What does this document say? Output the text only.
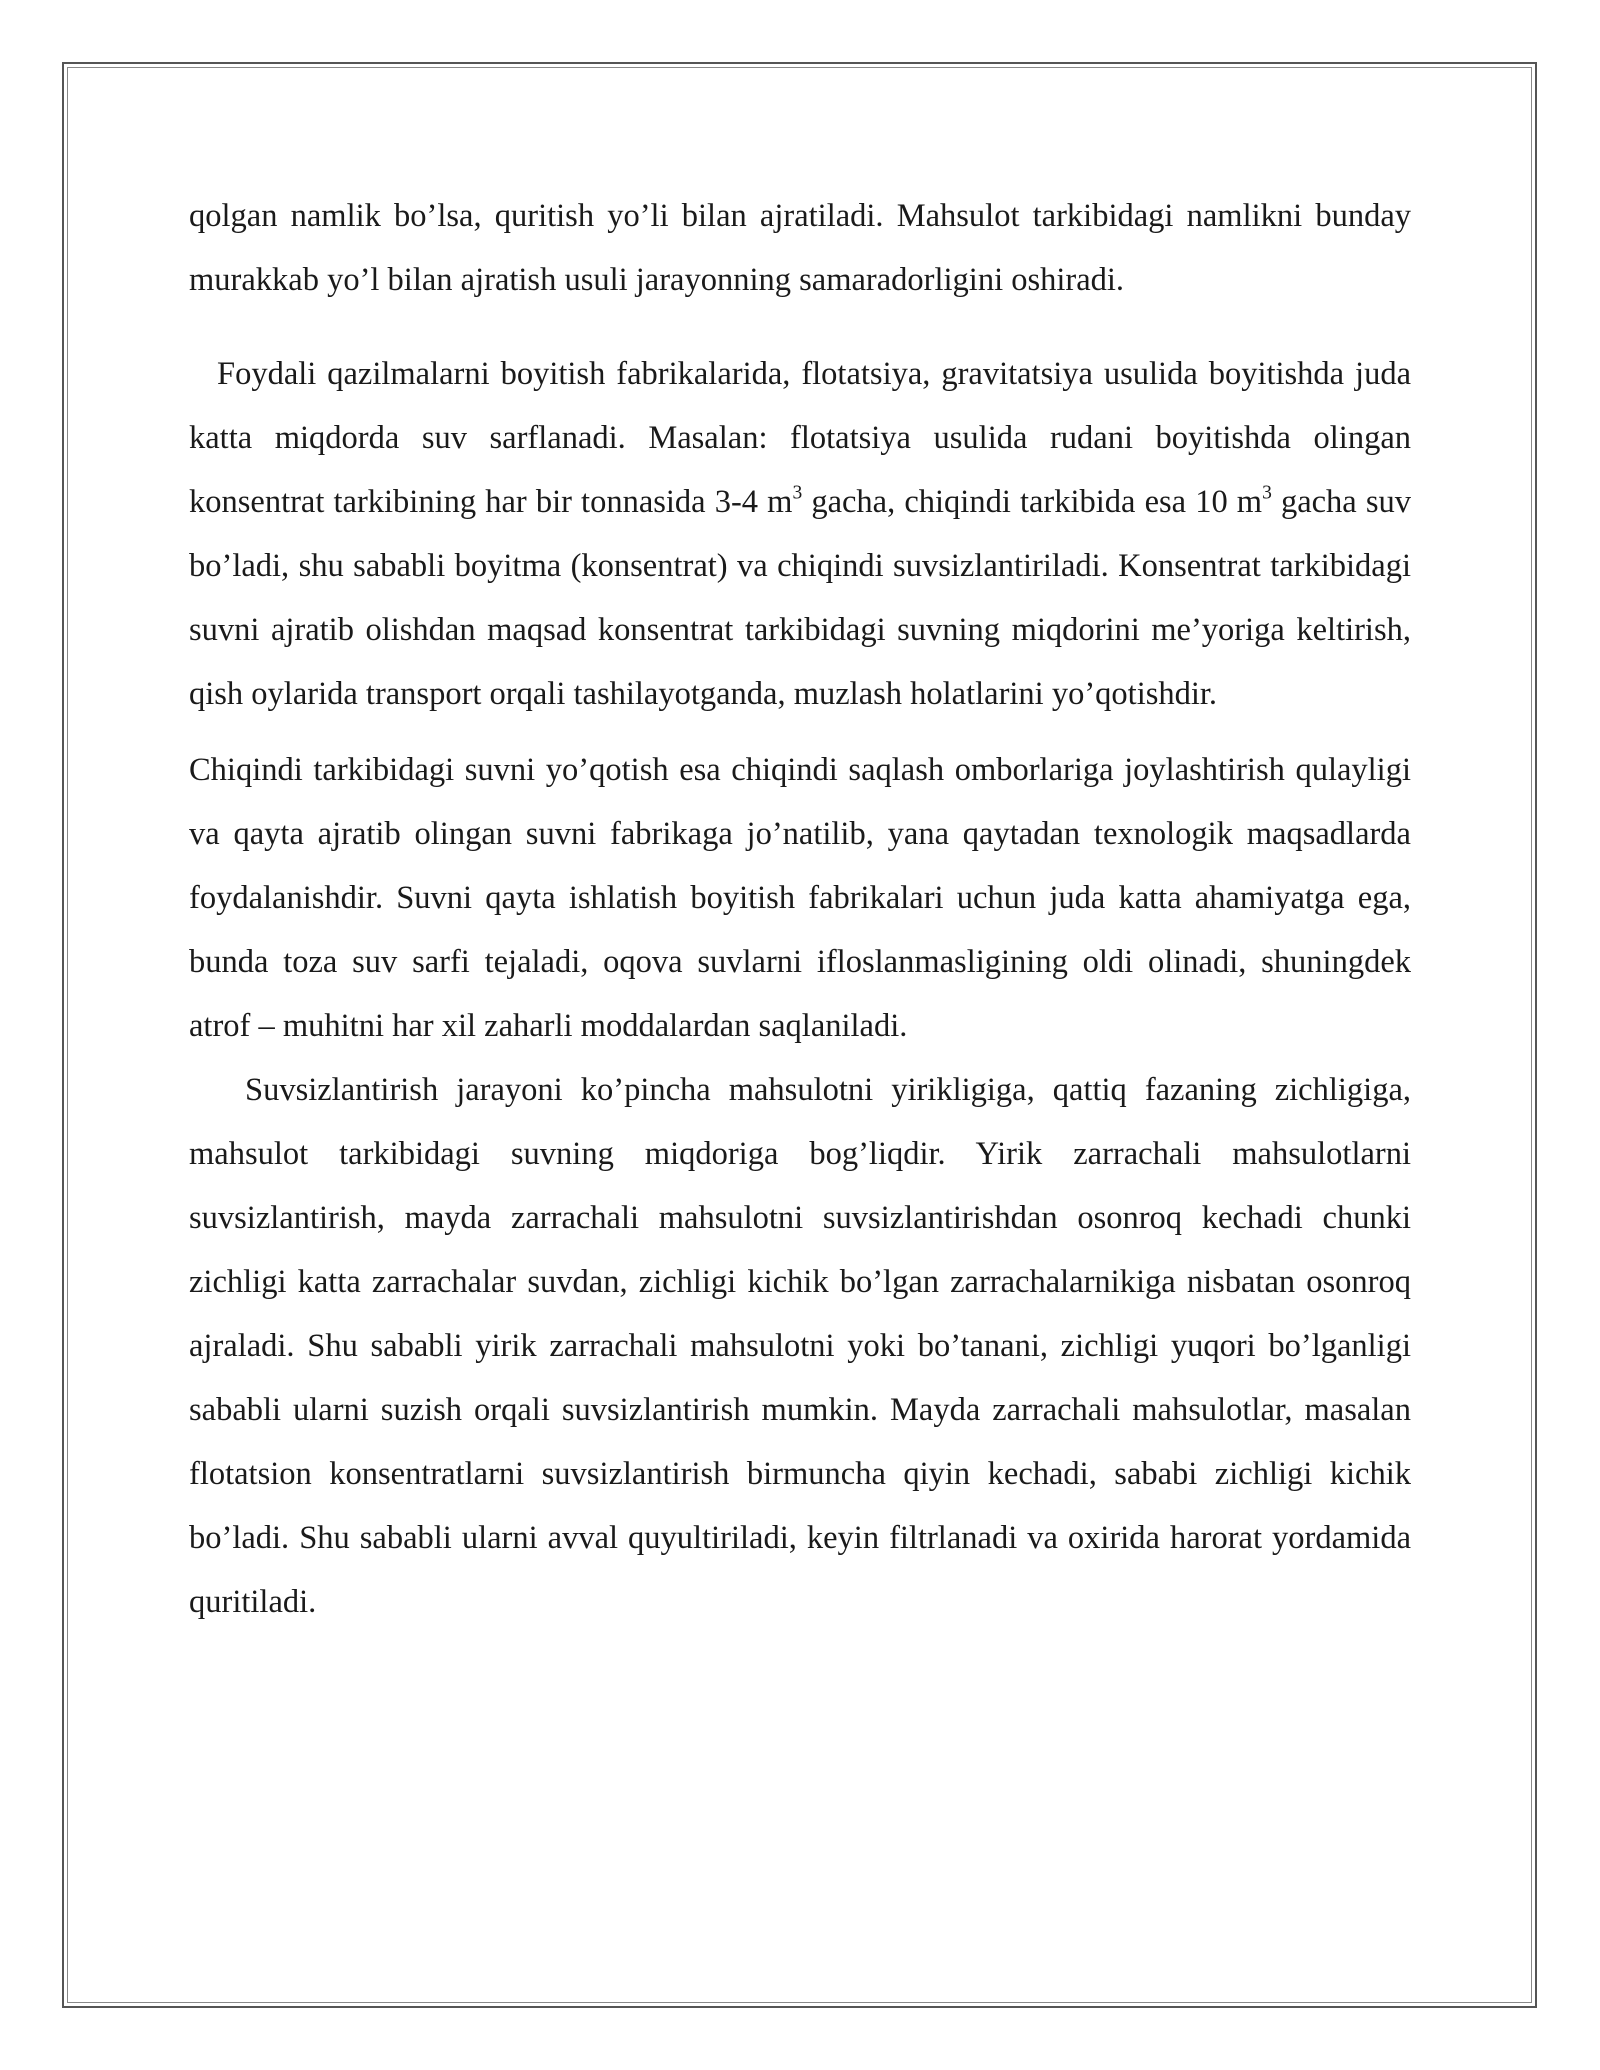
qolgan namlik bo’lsa, quritish yo’li bilan ajratiladi. Mahsulot tarkibidagi namlikni bunday murakkab yo’l bilan ajratish usuli jarayonning samaradorligini oshiradi.

Foydali qazilmalarni boyitish fabrikalarida, flotatsiya, gravitatsiya usulida boyitishda juda katta miqdorda suv sarflanadi. Masalan: flotatsiya usulida rudani boyitishda olingan konsentrat tarkibining har bir tonnasida 3-4 $m^3$ gacha, chiqindi tarkibida esa 10 $m^3$ gacha suv bo’ladi, shu sababli boyitma (konsentrat) va chiqindi suvsizlantiriladi. Konsentrat tarkibidagi suvni ajratib olishdan maqsad konsentrat tarkibidagi suvning miqdorini me’yoriga keltirish, qish oylarida transport orqali tashilayotganda, muzlash holatlarini yo’qotishdir.

Chiqindi tarkibidagi suvni yo’qotish esa chiqindi saqlash omborlariga joylashtirish qulayligi va qayta ajratib olingan suvni fabrikaga jo’natilib, yana qaytadan texnologik maqsadlarda foydalanishdir. Suvni qayta ishlatish boyitish fabrikalari uchun juda katta ahamiyatga ega, bunda toza suv sarfi tejaladi, oqova suvlarni ifloslanmasligining oldi olinadi, shuningdek atrof – muhitni har xil zaharli moddalardan saqlaniladi.

Suvsizlantirish jarayoni ko’pincha mahsulotni yirikligiga, qattiq fazaning zichligiga, mahsulot tarkibidagi suvning miqdoriga bog’liqdir. Yirik zarrachali mahsulotlarni suvsizlantirish, mayda zarrachali mahsulotni suvsizlantirishdan osonroq kechadi chunki zichligi katta zarrachalar suvdan, zichligi kichik bo’lgan zarrachalarnikiga nisbatan osonroq ajraladi. Shu sababli yirik zarrachali mahsulotni yoki bo’tanani, zichligi yuqori bo’lganligi sababli ularni suzish orqali suvsizlantirish mumkin. Mayda zarrachali mahsulotlar, masalan flotatsion konsentratlarni suvsizlantirish birmuncha qiyin kechadi, sababi zichligi kichik bo’ladi. Shu sababli ularni avval quyultiriladi, keyin filtrlanadi va oxirida harorat yordamida quritiladi.
